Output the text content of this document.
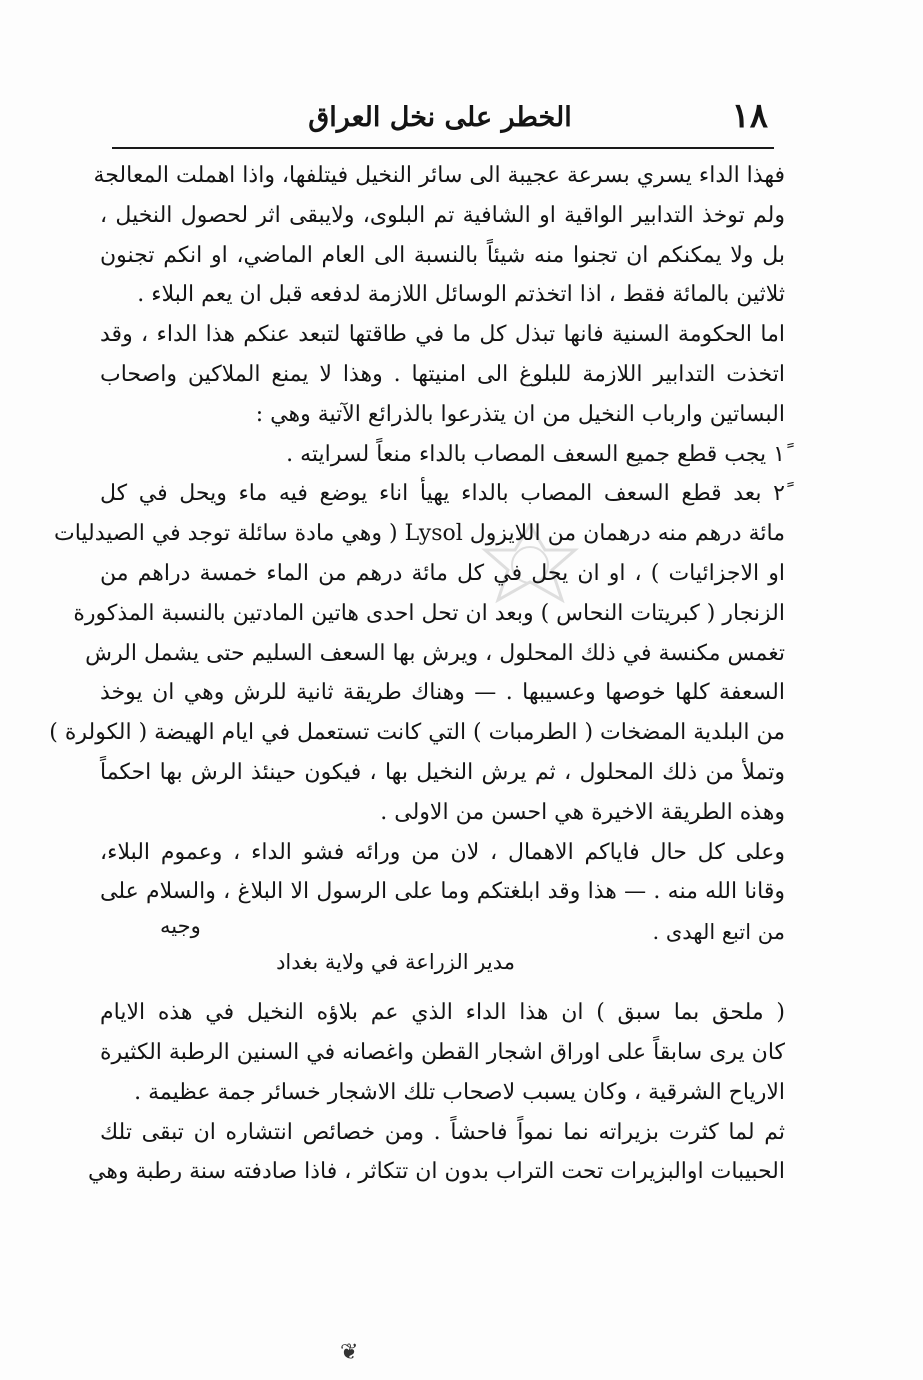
١٨
الخطر على نخل العراق
فهذا الداء يسري بسرعة عجيبة الى سائر النخيل فيتلفها، واذا اهملت المعالجة
ولم توخذ التدابير الواقية او الشافية تم البلوى، ولايبقى اثر لحصول النخيل ،
بل ولا يمكنكم ان تجنوا منه شيئاً بالنسبة الى العام الماضي، او انكم تجنون
ثلاثين بالمائة فقط ، اذا اتخذتم الوسائل اللازمة لدفعه قبل ان يعم البلاء .
اما الحكومة السنية فانها تبذل كل ما في طاقتها لتبعد عنكم هذا الداء ، وقد
اتخذت التدابير اللازمة للبلوغ الى امنيتها . وهذا لا يمنع الملاكين واصحاب
البساتين وارباب النخيل من ان يتذرعوا بالذرائع الآتية وهي :
١ً يجب قطع جميع السعف المصاب بالداء منعاً لسرايته .
٢ً بعد قطع السعف المصاب بالداء يهيأ اناء يوضع فيه ماء ويحل في كل
مائة درهم منه درهمان من اللايزول Lysol ( وهي مادة سائلة توجد في الصيدليات
او الاجزائيات ) ، او ان يحل في كل مائة درهم من الماء خمسة دراهم من
الزنجار ( كبريتات النحاس ) وبعد ان تحل احدى هاتين المادتين بالنسبة المذكورة
تغمس مكنسة في ذلك المحلول ، ويرش بها السعف السليم حتى يشمل الرش
السعفة كلها خوصها وعسيبها . — وهناك طريقة ثانية للرش وهي ان يوخذ
من البلدية المضخات ( الطرمبات ) التي كانت تستعمل في ايام الهيضة ( الكولرة )
وتملأ من ذلك المحلول ، ثم يرش النخيل بها ، فيكون حينئذ الرش بها احكماً
وهذه الطريقة الاخيرة هي احسن من الاولى .
وعلى كل حال فاياكم الاهمال ، لان من ورائه فشو الداء ، وعموم البلاء،
وقانا الله منه . — هذا وقد ابلغتكم وما على الرسول الا البلاغ ، والسلام على
من اتبع الهدى .
وجيه
مدير الزراعة في ولاية بغداد
( ملحق بما سبق ) ان هذا الداء الذي عم بلاؤه النخيل في هذه الايام
كان يرى سابقاً على اوراق اشجار القطن واغصانه في السنين الرطبة الكثيرة
الارياح الشرقية ، وكان يسبب لاصحاب تلك الاشجار خسائر جمة عظيمة .
ثم لما كثرت بزيراته نما نمواً فاحشاً . ومن خصائص انتشاره ان تبقى تلك
الحبيبات اوالبزيرات تحت التراب بدون ان تتكاثر ، فاذا صادفته سنة رطبة وهي
❦
